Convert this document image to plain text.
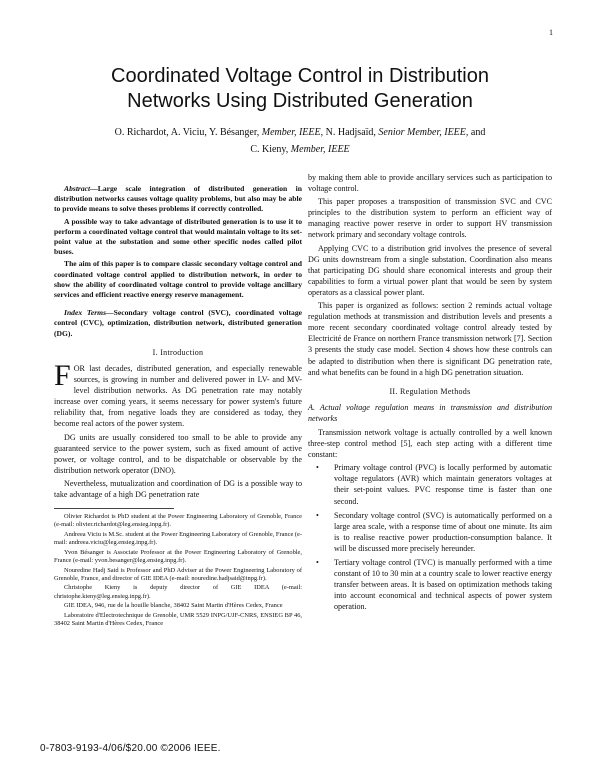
1
Coordinated Voltage Control in Distribution
Networks Using Distributed Generation
O. Richardot, A. Viciu, Y. Bésanger, Member, IEEE, N. Hadjsaïd, Senior Member, IEEE, and
C. Kieny, Member, IEEE

Abstract—Large scale integration of distributed generation in distribution networks causes voltage quality problems, but also may be able to provide means to solve theses problems if correctly controlled.

A possible way to take advantage of distributed generation is to use it to perform a coordinated voltage control that would maintain voltage to its set-point value at the substation and some other specific nodes called pilot buses.

The aim of this paper is to compare classic secondary voltage control and coordinated voltage control applied to distribution network, in order to show the ability of coordinated voltage control to provide voltage ancillary services and efficient reactive energy reserve management.

Index Terms—Secondary voltage control (SVC), coordinated voltage control (CVC), optimization, distribution network, distributed generation (DG).

I. Introduction

FOR last decades, distributed generation, and especially renewable sources, is growing in number and delivered power in LV- and MV-level distribution networks. As DG penetration rate may notably increase over coming years, it seems necessary for power system's future reliability that, from negative loads they are considered as today, they become real actors of the power system.

DG units are usually considered too small to be able to provide any guaranteed service to the power system, such as fixed amount of active power, or voltage control, and to be dispatchable or observable by the distribution network operator (DNO).

Nevertheless, mutualization and coordination of DG is a possible way to take advantage of a high DG penetration rate

Olivier Richardot is PhD student at the Power Engineering Laboratory of Grenoble, France (e-mail: olivier.richardot@leg.ensieg.inpg.fr).

Andreea Viciu is M.Sc. student at the Power Engineering Laboratory of Grenoble, France (e-mail: andreea.viciu@leg.ensieg.inpg.fr).

Yvon Bésanger is Associate Professor at the Power Engineering Laboratory of Grenoble, France (e-mail: yvon.besanger@leg.ensieg.inpg.fr).

Nouredine Hadj Said is Professor and PhD Adviser at the Power Engineering Laboratory of Grenoble, France, and director of GIE IDEA (e-mail: nouredine.hadjsaid@inpg.fr).

Christophe Kieny is deputy director of GIE IDEA (e-mail: christophe.kieny@leg.ensieg.inpg.fr).

GIE IDEA, 946, rue de la houille blanche, 38402 Saint Martin d'Hères Cedex, France

Laboratoire d'Electrotechnique de Grenoble, UMR 5529 INPG/UJF-CNRS, ENSIEG BP 46, 38402 Saint Martin d'Hères Cedex, France

by making them able to provide ancillary services such as participation to voltage control.

This paper proposes a transposition of transmission SVC and CVC principles to the distribution system to perform an efficient way of managing reactive power reserve in order to support HV transmission network primary and secondary voltage controls.

Applying CVC to a distribution grid involves the presence of several DG units downstream from a single substation. Coordination also means that participating DG should share economical interests and group their capabilities to form a virtual power plant that would be seen by system operators as a classical power plant.

This paper is organized as follows: section 2 reminds actual voltage regulation methods at transmission and distribution levels and presents a more recent secondary coordinated voltage control already tested by Electricité de France on northern France transmission network [7]. Section 3 presents the study case model. Section 4 shows how these controls can be adapted to distribution when there is significant DG penetration rate, and what benefits can be found in a high DG penetration situation.

II. Regulation Methods
A. Actual voltage regulation means in transmission and distribution networks

Transmission network voltage is actually controlled by a well known three-step control method [5], each step acting with a different time constant:

• Primary voltage control (PVC) is locally performed by automatic voltage regulators (AVR) which maintain generators voltages at their set-point values. PVC response time is faster than one second.
• Secondary voltage control (SVC) is automatically performed on a large area scale, with a response time of about one minute. Its aim is to realise reactive power production-consumption balance. It will be discussed more precisely hereunder.
• Tertiary voltage control (TVC) is manually performed with a time constant of 10 to 30 min at a country scale to lower reactive energy transfer between areas. It is based on optimization methods taking into account economical and technical aspects of power system operation.
0-7803-9193-4/06/$20.00 ©2006 IEEE.
